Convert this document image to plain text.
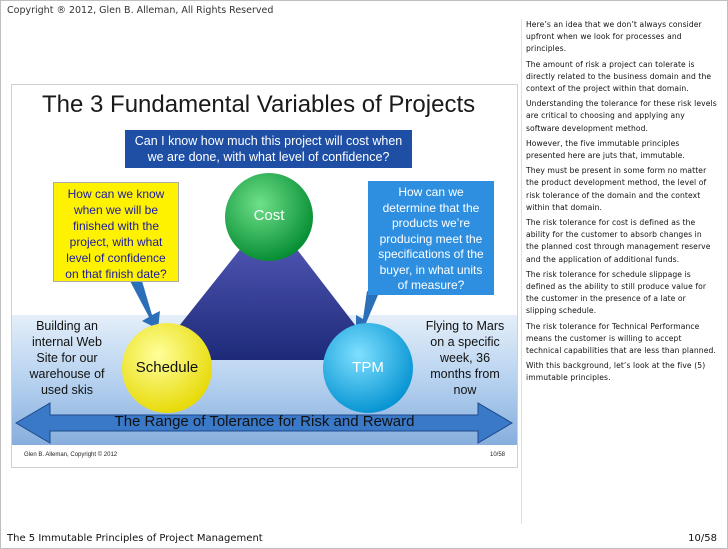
Copyright ® 2012, Glen B. Alleman, All Rights Reserved
The 3 Fundamental Variables of Projects
Can I know how much this project will cost when
we are done, with what level of confidence?
How can we know
when we will be
finished with the
project, with what
level of confidence
on that finish date?
How can we
determine that the
products we’re
producing meet the
specifications of the
buyer, in what units
of measure?
Cost
Schedule	TPM
Building an
internal Web
Site for our
warehouse of
used skis
Flying to Mars
on a specific
week, 36
months from
now
The Range of Tolerance for Risk and Reward
Glen B. Alleman, Copyright © 2012	10/58

Here’s an idea that we don’t always consider upfront when we look for processes and principles.

The amount of risk a project can tolerate is directly related to the business domain and the context of the project within that domain.

Understanding the tolerance for these risk levels are critical to choosing and applying any software development method.

However, the five immutable principles presented here are juts that, immutable.

They must be present in some form no matter the product development method, the level of risk tolerance of the domain and the context within that domain.

The risk tolerance for cost is defined as the ability for the customer to absorb changes in the planned cost through management reserve and the application of additional funds.

The risk tolerance for schedule slippage is defined as the ability to still produce value for the customer in the presence of a late or slipping schedule.

The risk tolerance for Technical Performance means the customer is willing to accept technical capabilities that are less than planned.

With this background, let’s look at the five (5) immutable principles.

The 5 Immutable Principles of Project Management	10/58
